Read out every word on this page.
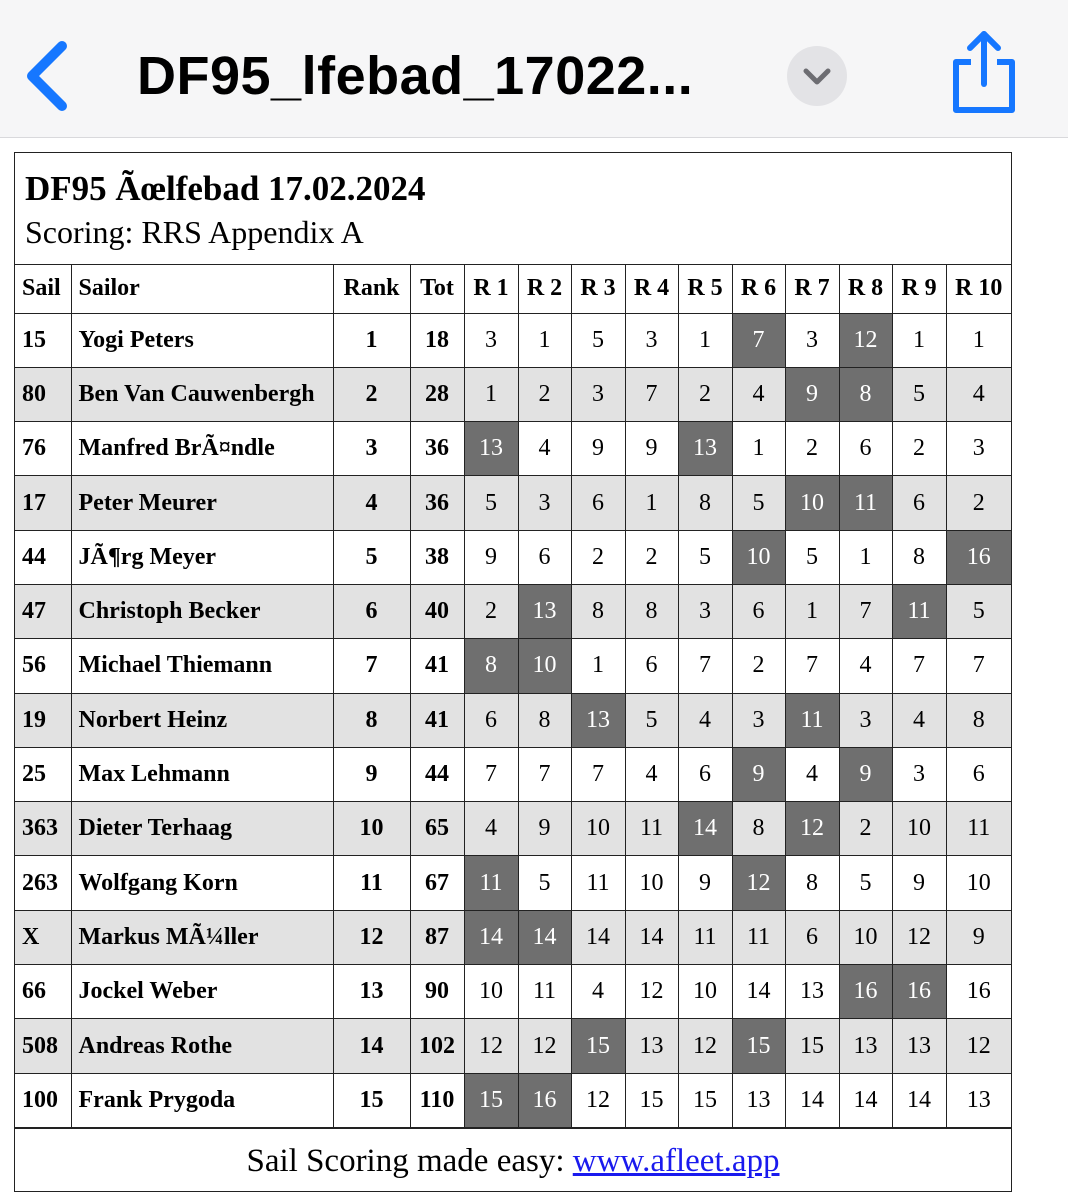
DF95_lfebad_17022...
DF95 Ãœlfebad 17.02.2024
Scoring: RRS Appendix A
Sail	Sailor	Rank	Tot	R 1	R 2	R 3	R 4	R 5	R 6	R 7	R 8	R 9	R 10
15	Yogi Peters	1	18	3	1	5	3	1	7	3	12	1	1
80	Ben Van Cauwenbergh	2	28	1	2	3	7	2	4	9	8	5	4
76	Manfred BrÃ¤ndle	3	36	13	4	9	9	13	1	2	6	2	3
17	Peter Meurer	4	36	5	3	6	1	8	5	10	11	6	2
44	JÃ¶rg Meyer	5	38	9	6	2	2	5	10	5	1	8	16
47	Christoph Becker	6	40	2	13	8	8	3	6	1	7	11	5
56	Michael Thiemann	7	41	8	10	1	6	7	2	7	4	7	7
19	Norbert Heinz	8	41	6	8	13	5	4	3	11	3	4	8
25	Max Lehmann	9	44	7	7	7	4	6	9	4	9	3	6
363	Dieter Terhaag	10	65	4	9	10	11	14	8	12	2	10	11
263	Wolfgang Korn	11	67	11	5	11	10	9	12	8	5	9	10
X	Markus MÃ¼ller	12	87	14	14	14	14	11	11	6	10	12	9
66	Jockel Weber	13	90	10	11	4	12	10	14	13	16	16	16
508	Andreas Rothe	14	102	12	12	15	13	12	15	15	13	13	12
100	Frank Prygoda	15	110	15	16	12	15	15	13	14	14	14	13
Sail Scoring made easy: www.afleet.app
